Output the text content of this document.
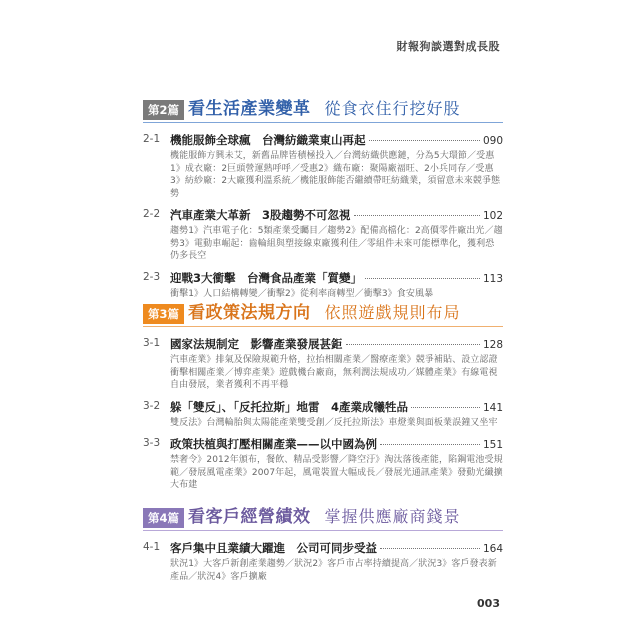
財報狗談選對成長股
第2篇 看生活產業變革 從食衣住行挖好股
2-1 機能服飾全球瘋　台灣紡織業東山再起	090
機能服飾方興未艾，新舊品牌皆積極投入／台灣紡織供應鏈，分為5大環節／受惠1》成衣廠：2巨頭營運熱呼呼／受惠2》織布廠：聚陽廠福旺、2小兵同存／受惠3》紡紗廠：2大廠獲利溫系統／機能服飾能否繼續帶旺紡織業，須留意未來競爭態勢
2-2 汽車產業大革新　3股趨勢不可忽視	102
趨勢1》汽車電子化：5類產業受矚目／趨勢2》配備高檔化：2高價零件廠出光／趨勢3》電動車崛起：齒輪組與塑接線束廠獲利佳／零組件未來可能標準化，獲利恐仍多長空
2-3 迎戰3大衝擊　台灣食品產業「質變」	113
衝擊1》人口結構轉變／衝擊2》從利率商轉型／衝擊3》食安風暴
第3篇 看政策法規方向 依照遊戲規則布局
3-1 國家法規制定　影響產業發展甚鉅	128
汽車產業》排氣及保險規範升格，拉抬相關產業／醫療產業》競爭補貼、設立認證衝擊相關產業／博弈產業》遊戲機台廠商，無利潤法規成功／媒體產業》有線電視自由發展，業者獲利不再平穩
3-2 躲「雙反」、「反托拉斯」地雷　4產業成犧牲品	141
雙反法》台灣輪胎與太陽能產業雙受創／反托拉斯法》車燈業與面板業誤鐘又坐牢
3-3 政策扶植與打壓相關產業——以中國為例	151
禁奢令》2012年頒布，餐飲、精品受影響／降空汙》淘汰落後產能，陷鋼電池受規範／發展風電產業》2007年起，風電裝置大幅成長／發展光通訊產業》發動光纖擴大布建
第4篇 看客戶經營績效 掌握供應廠商錢景
4-1 客戶集中且業績大躍進　公司可同步受益	164
狀況1》大客戶新創產業趨勢／狀況2》客戶市占率持續提高／狀況3》客戶發表新產品／狀況4》客戶擴廠
003
